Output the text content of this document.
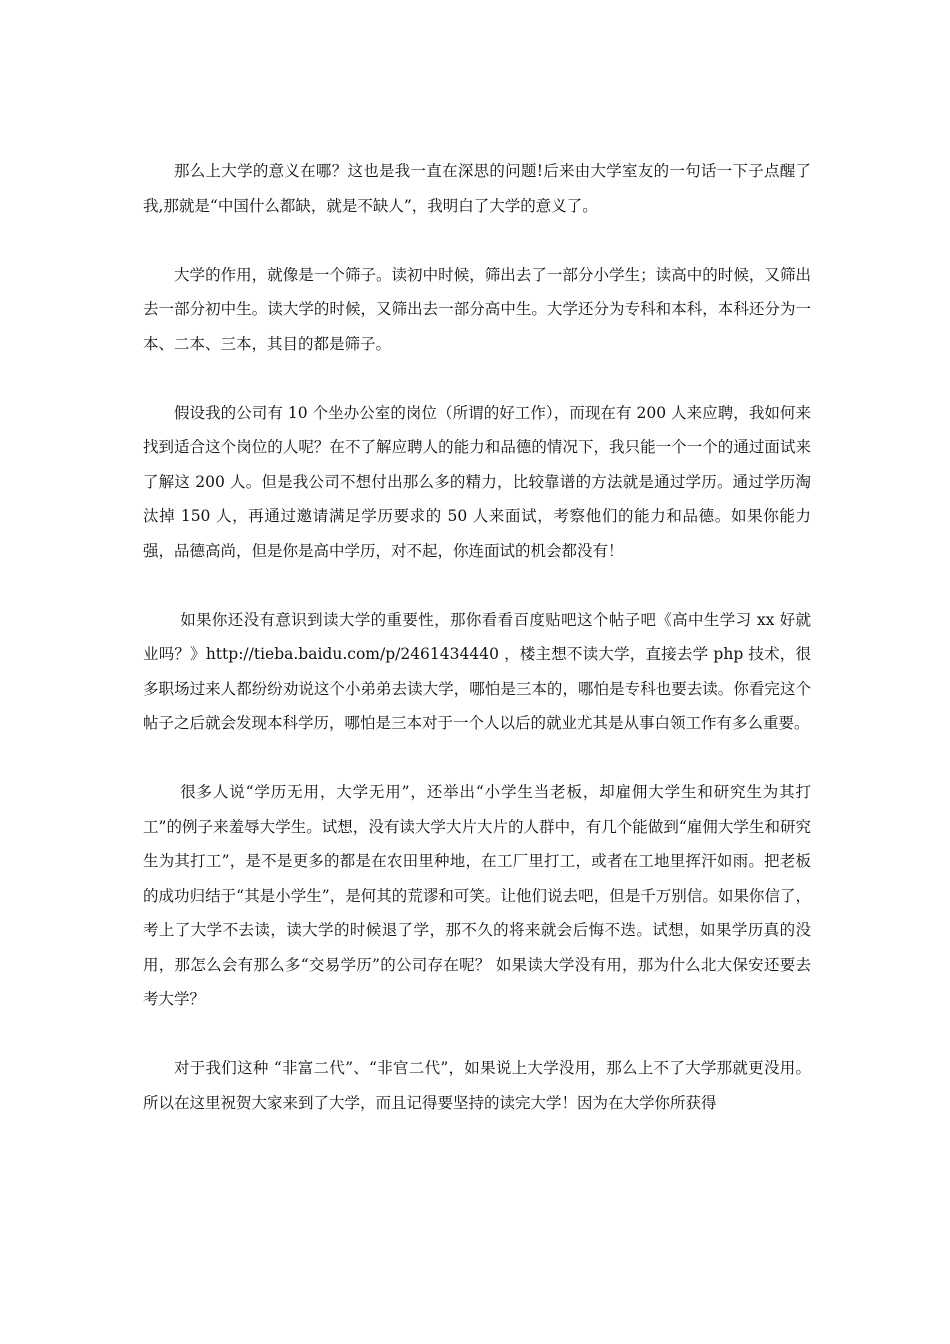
那么上大学的意义在哪？这也是我一直在深思的问题!后来由大学室友的一句话一下子点醒了我,那就是“中国什么都缺，就是不缺人”，我明白了大学的意义了。

大学的作用，就像是一个筛子。读初中时候，筛出去了一部分小学生；读高中的时候，又筛出去一部分初中生。读大学的时候，又筛出去一部分高中生。大学还分为专科和本科，本科还分为一本、二本、三本，其目的都是筛子。

假设我的公司有 10 个坐办公室的岗位（所谓的好工作），而现在有 200 人来应聘，我如何来找到适合这个岗位的人呢？在不了解应聘人的能力和品德的情况下，我只能一个一个的通过面试来了解这 200 人。但是我公司不想付出那么多的精力，比较靠谱的方法就是通过学历。通过学历淘汰掉 150 人，再通过邀请满足学历要求的 50 人来面试，考察他们的能力和品德。如果你能力强，品德高尚，但是你是高中学历，对不起，你连面试的机会都没有！

如果你还没有意识到读大学的重要性，那你看看百度贴吧这个帖子吧《高中生学习 xx 好就业吗？》http://tieba.baidu.com/p/2461434440 ，楼主想不读大学，直接去学 php 技术，很多职场过来人都纷纷劝说这个小弟弟去读大学，哪怕是三本的，哪怕是专科也要去读。你看完这个帖子之后就会发现本科学历，哪怕是三本对于一个人以后的就业尤其是从事白领工作有多么重要。

很多人说“学历无用，大学无用”，还举出“小学生当老板，却雇佣大学生和研究生为其打工”的例子来羞辱大学生。试想，没有读大学大片大片的人群中，有几个能做到“雇佣大学生和研究生为其打工”，是不是更多的都是在农田里种地，在工厂里打工，或者在工地里挥汗如雨。把老板的成功归结于“其是小学生”，是何其的荒谬和可笑。让他们说去吧，但是千万别信。如果你信了，考上了大学不去读，读大学的时候退了学，那不久的将来就会后悔不迭。试想，如果学历真的没用，那怎么会有那么多“交易学历”的公司存在呢？ 如果读大学没有用，那为什么北大保安还要去考大学？

对于我们这种 “非富二代”、“非官二代”，如果说上大学没用，那么上不了大学那就更没用。所以在这里祝贺大家来到了大学，而且记得要坚持的读完大学！因为在大学你所获得
